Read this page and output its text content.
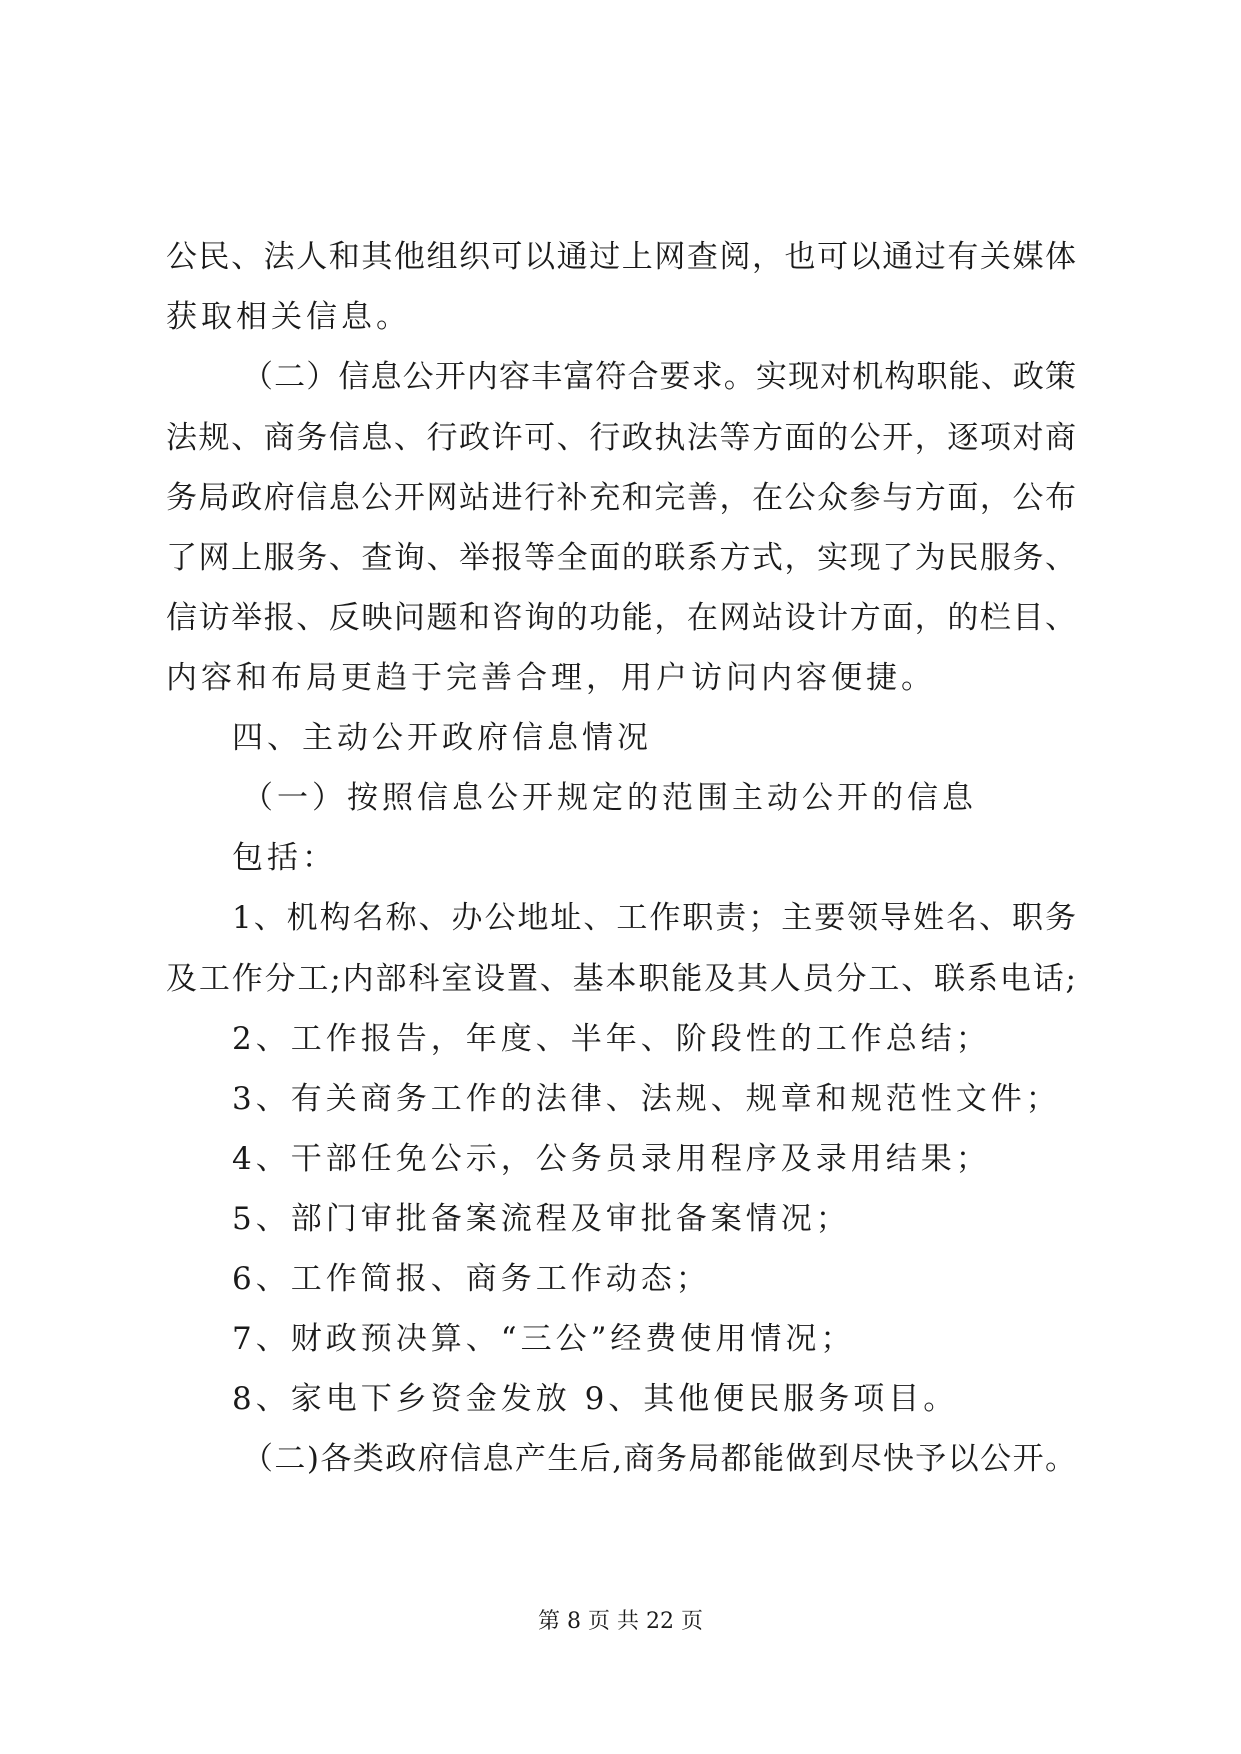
公民、法人和其他组织可以通过上网查阅，也可以通过有关媒体
获取相关信息。
（二）信息公开内容丰富符合要求。实现对机构职能、政策
法规、商务信息、行政许可、行政执法等方面的公开，逐项对商
务局政府信息公开网站进行补充和完善，在公众参与方面，公布
了网上服务、查询、举报等全面的联系方式，实现了为民服务、
信访举报、反映问题和咨询的功能，在网站设计方面，的栏目、
内容和布局更趋于完善合理，用户访问内容便捷。
四、主动公开政府信息情况
（一）按照信息公开规定的范围主动公开的信息
包括：
1、机构名称、办公地址、工作职责；主要领导姓名、职务
及工作分工;内部科室设置、基本职能及其人员分工、联系电话;
2、工作报告，年度、半年、阶段性的工作总结；
3、有关商务工作的法律、法规、规章和规范性文件；
4、干部任免公示，公务员录用程序及录用结果；
5、部门审批备案流程及审批备案情况；
6、工作简报、商务工作动态；
7、财政预决算、“三公”经费使用情况；
8、家电下乡资金发放 9、其他便民服务项目。
（二)各类政府信息产生后,商务局都能做到尽快予以公开。
第 8 页 共 22 页
